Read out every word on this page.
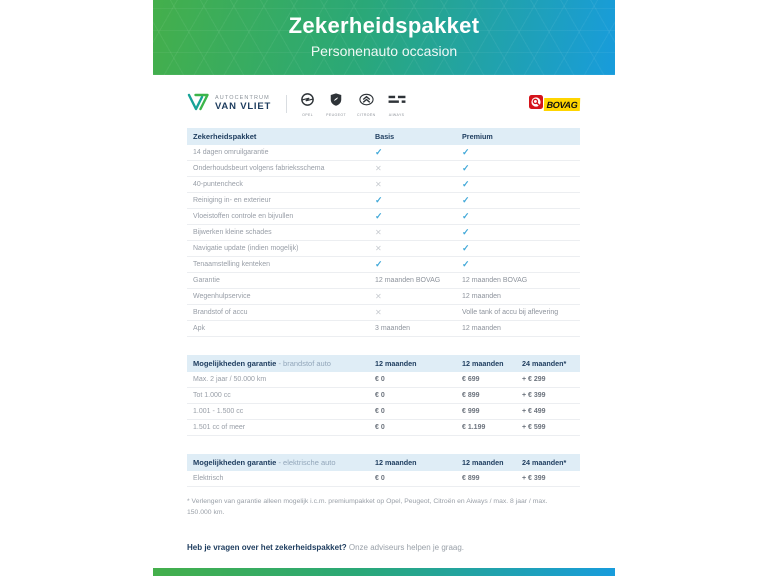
Zekerheidspakket
Personenauto occasion
AUTOCENTRUM
VAN VLIET
OPEL	PEUGEOT	CITROËN	AIWAYS
BOVAG
Zekerheidspakket	Basis	Premium
14 dagen omruilgarantie	✓	✓
Onderhoudsbeurt volgens fabrieksschema	✕	✓
40-puntencheck	✕	✓
Reiniging in- en exterieur	✓	✓
Vloeistoffen controle en bijvullen	✓	✓
Bijwerken kleine schades	✕	✓
Navigatie update (indien mogelijk)	✕	✓
Tenaamstelling kenteken	✓	✓
Garantie	12 maanden BOVAG	12 maanden BOVAG
Wegenhulpservice	✕	12 maanden
Brandstof of accu	✕	Volle tank of accu bij aflevering
Apk	3 maanden	12 maanden
Mogelijkheden garantie - brandstof auto	12 maanden	12 maanden	24 maanden*
Max. 2 jaar / 50.000 km	€ 0	€ 699	+ € 299
Tot 1.000 cc	€ 0	€ 899	+ € 399
1.001 - 1.500 cc	€ 0	€ 999	+ € 499
1.501 cc of meer	€ 0	€ 1.199	+ € 599
Mogelijkheden garantie - elektrische auto	12 maanden	12 maanden	24 maanden*
Elektrisch	€ 0	€ 899	+ € 399
* Verlengen van garantie alleen mogelijk i.c.m. premiumpakket op Opel, Peugeot, Citroën en Aiways / max. 8 jaar / max. 150.000 km.
Heb je vragen over het zekerheidspakket? Onze adviseurs helpen je graag.
